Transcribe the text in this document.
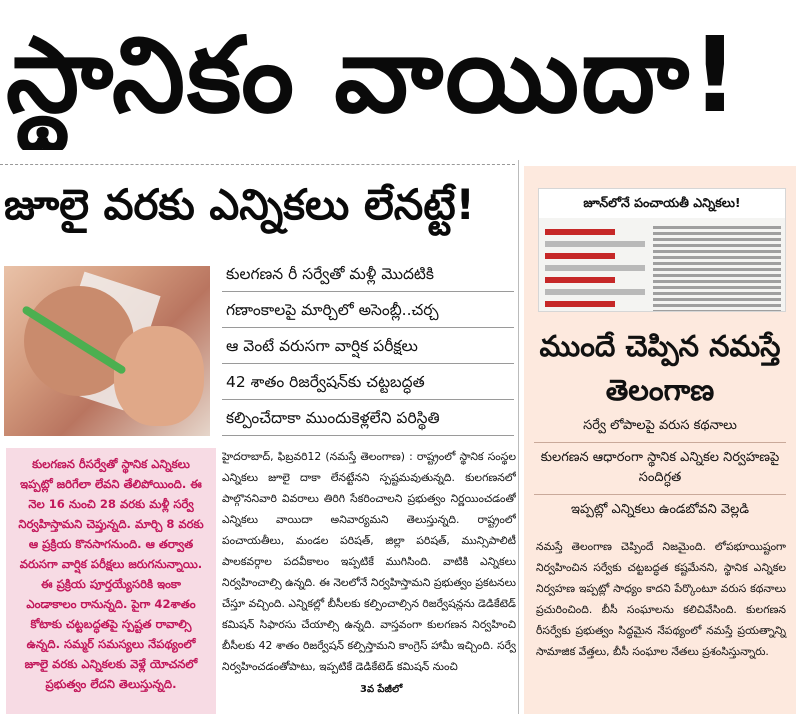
స్థానికం వాయిదా!
జూలై వరకు ఎన్నికలు లేనట్టే!
కులగణన రీ సర్వేతో మళ్లీ మొదటికి
గణాంకాలపై మార్చిలో అసెంబ్లీ..చర్చ
ఆ వెంటే వరుసగా వార్షిక పరీక్షలు
42 శాతం రిజర్వేషన్‌కు చట్టబద్ధత
కల్పించేదాకా ముందుకెళ్లలేని పరిస్థితి

కులగణన రీసర్వేతో స్థానిక ఎన్నికలు ఇప్పట్లో జరిగేలా లేవని తేలిపోయింది. ఈ నెల 16 నుంచి 28 వరకు మళ్లీ సర్వే నిర్వహిస్తామని చెప్తున్నది. మార్చి 8 వరకు ఆ ప్రక్రియ కొనసాగనుంది. ఆ తర్వాత వరుసగా వార్షిక పరీక్షలు జరుగనున్నాయి. ఈ ప్రక్రియ పూర్తయ్యేసరికి ఇంకా ఎండాకాలం రానున్నది. పైగా 42శాతం కోటాకు చట్టబద్ధతపై స్పష్టత రావాల్సి ఉన్నది. సమ్మర్ సమస్యలు నేపథ్యంలో జూలై వరకు ఎన్నికలకు వెళ్లే యోచనలో ప్రభుత్వం లేదని తెలుస్తున్నది.

హైదరాబాద్, ఫిబ్రవరి12 (నమస్తే తెలంగాణ) : రాష్ట్రంలో స్థానిక సంస్థల ఎన్నికలు జూలై దాకా లేనట్టేనని స్పష్టమవుతున్నది. కులగణనలో పాల్గొననివారి వివరాలు తిరిగి సేకరించాలని ప్రభుత్వం నిర్ణయించడంతో ఎన్నికలు వాయిదా అనివార్యమని తెలుస్తున్నది. రాష్ట్రంలో పంచాయతీలు, మండల పరిషత్, జిల్లా పరిషత్, మున్సిపాలిటీ పాలకవర్గాల పదవీకాలం ఇప్పటికే ముగిసింది. వాటికి ఎన్నికలు నిర్వహించాల్సి ఉన్నది. ఈ నెలలోనే నిర్వహిస్తామని ప్రభుత్వం ప్రకటనలు చేస్తూ వచ్చింది. ఎన్నికల్లో బీసీలకు కల్పించాల్సిన రిజర్వేషన్లను డెడికేటెడ్ కమిషన్ సిఫారసు చేయాల్సి ఉన్నది. వాస్తవంగా కులగణన నిర్వహించి బీసీలకు 42 శాతం రిజర్వేషన్ కల్పిస్తామని కాంగ్రెస్ హామీ ఇచ్చింది. సర్వే నిర్వహించడంతోపాటు, ఇప్పటికే డెడికేటెడ్ కమిషన్ నుంచి
3వ పేజీలో
జూన్‌లోనే పంచాయతీ ఎన్నికలు!
ముందే చెప్పిన నమస్తే తెలంగాణ
సర్వే లోపాలపై వరుస కథనాలు
కులగణన ఆధారంగా స్థానిక ఎన్నికల నిర్వహణపై సందిగ్ధత
ఇప్పట్లో ఎన్నికలు ఉండబోవని వెల్లడి
నమస్తే తెలంగాణ చెప్పిందే నిజమైంది. లోపభూయిష్టంగా నిర్వహించిన సర్వేకు చట్టబద్ధత కష్టమేనని, స్థానిక ఎన్నికల నిర్వహణ ఇప్పట్లో సాధ్యం కాదని పేర్కొంటూ వరుస కథనాలు ప్రచురించింది. బీసీ సంఘాలను కలిచివేసింది. కులగణన రీసర్వేకు ప్రభుత్వం సిద్ధమైన నేపథ్యంలో నమస్తే ప్రయత్నాన్ని సామాజిక వేత్తలు, బీసీ సంఘాల నేతలు ప్రశంసిస్తున్నారు.
